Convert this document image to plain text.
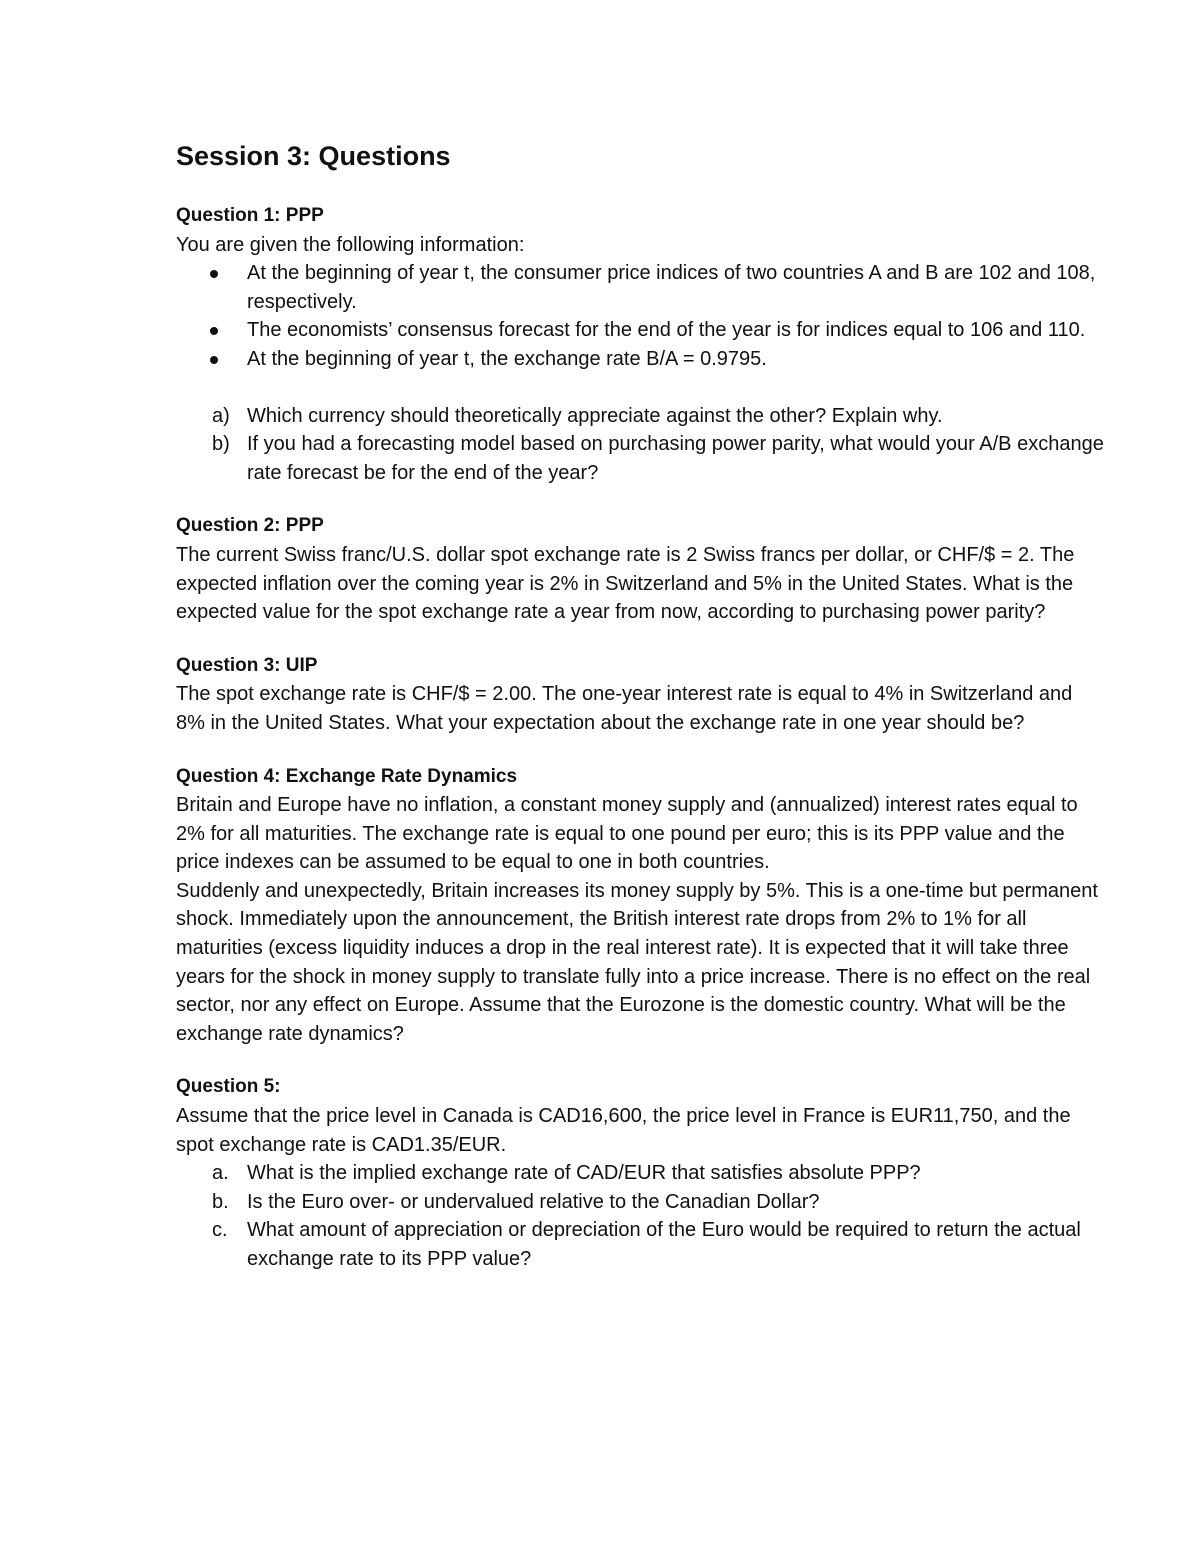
Session 3: Questions
Question 1: PPP
You are given the following information:
At the beginning of year t, the consumer price indices of two countries A and B are 102 and 108, respectively.
The economists’ consensus forecast for the end of the year is for indices equal to 106 and 110.
At the beginning of year t, the exchange rate B/A = 0.9795.
a) Which currency should theoretically appreciate against the other? Explain why.
b) If you had a forecasting model based on purchasing power parity, what would your A/B exchange rate forecast be for the end of the year?
Question 2: PPP
The current Swiss franc/U.S. dollar spot exchange rate is 2 Swiss francs per dollar, or CHF/$ = 2. The expected inflation over the coming year is 2% in Switzerland and 5% in the United States. What is the expected value for the spot exchange rate a year from now, according to purchasing power parity?
Question 3: UIP
The spot exchange rate is CHF/$ = 2.00. The one-year interest rate is equal to 4% in Switzerland and 8% in the United States. What your expectation about the exchange rate in one year should be?
Question 4: Exchange Rate Dynamics
Britain and Europe have no inflation, a constant money supply and (annualized) interest rates equal to 2% for all maturities. The exchange rate is equal to one pound per euro; this is its PPP value and the price indexes can be assumed to be equal to one in both countries.
Suddenly and unexpectedly, Britain increases its money supply by 5%. This is a one-time but permanent shock. Immediately upon the announcement, the British interest rate drops from 2% to 1% for all maturities (excess liquidity induces a drop in the real interest rate). It is expected that it will take three years for the shock in money supply to translate fully into a price increase. There is no effect on the real sector, nor any effect on Europe. Assume that the Eurozone is the domestic country. What will be the exchange rate dynamics?
Question 5:
Assume that the price level in Canada is CAD16,600, the price level in France is EUR11,750, and the spot exchange rate is CAD1.35/EUR.
a. What is the implied exchange rate of CAD/EUR that satisfies absolute PPP?
b. Is the Euro over- or undervalued relative to the Canadian Dollar?
c. What amount of appreciation or depreciation of the Euro would be required to return the actual exchange rate to its PPP value?
